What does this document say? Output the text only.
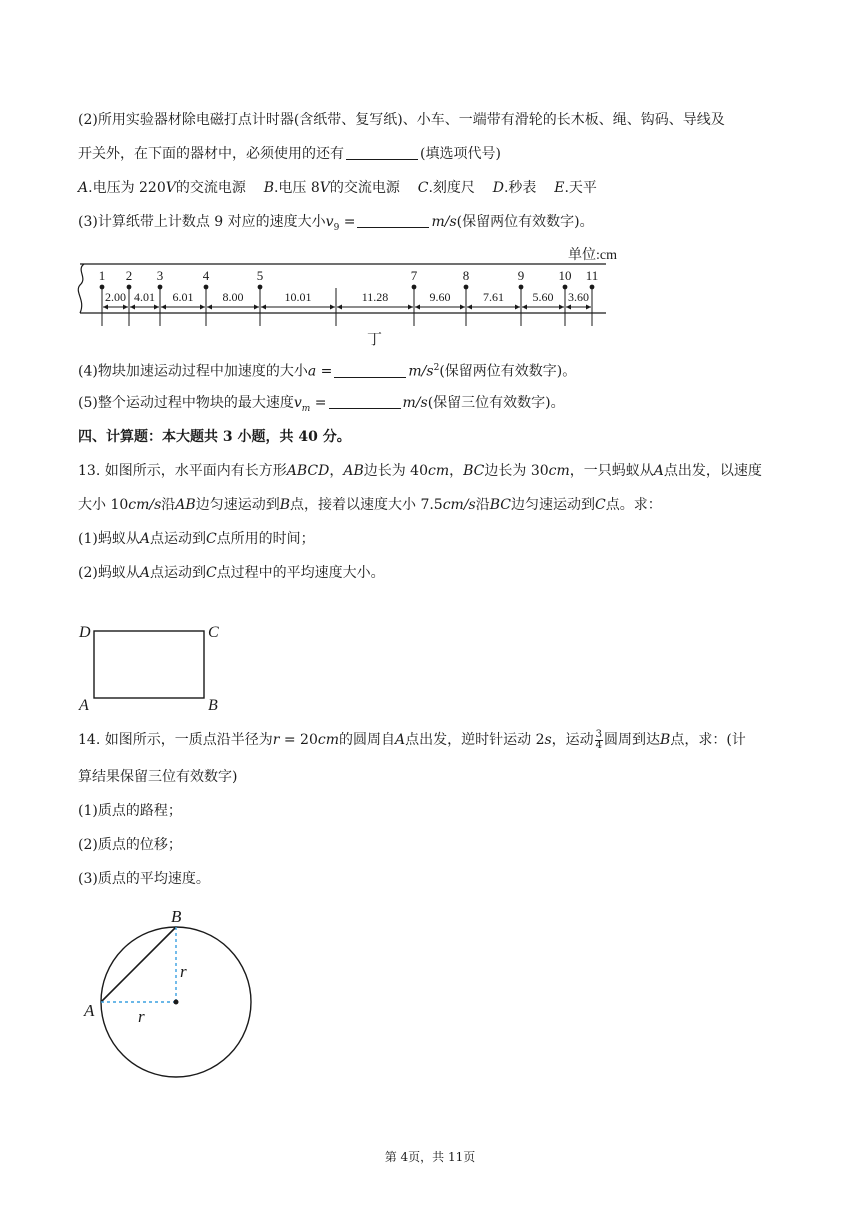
(2)所用实验器材除电磁打点计时器(含纸带、复写纸)、小车、一端带有滑轮的长木板、绳、钩码、导线及
开关外，在下面的器材中，必须使用的还有	(填选项代号)
A.电压为 220V的交流电源 B.电压 8V的交流电源 C.刻度尺 D.秒表 E.天平
(3)计算纸带上计数点 9 对应的速度大小$v_9$ =	m/s(保留两位有效数字)。
单位:cm
1 2 3	4	5	7	8	9	10 11
2.00 4.01 6.01 8.00	10.01	11.28	9.60	7.61 5.60 3.60
丁
(4)物块加速运动过程中加速度的大小a =	$m/s^2$(保留两位有效数字)。
(5)整个运动过程中物块的最大速度$v_m$ =	m/s(保留三位有效数字)。
四、计算题：本大题共 3 小题，共 40 分。
13. 如图所示，水平面内有长方形ABCD，AB边长为 40cm，BC边长为 30cm，一只蚂蚁从A点出发，以速度
大小 10cm/s沿AB边匀速运动到B点，接着以速度大小 7.5cm/s沿BC边匀速运动到C点。求：
(1)蚂蚁从A点运动到C点所用的时间；
(2)蚂蚁从A点运动到C点过程中的平均速度大小。
D	C
A	B
14. 如图所示，一质点沿半径为r = 20cm的圆周自A点出发，逆时针运动 2s，运动 $\frac{3}{4}$ 圆周到达B点，求：(计
算结果保留三位有效数字)
(1)质点的路程；
(2)质点的位移；
(3)质点的平均速度。
B
A
r
r
第 4页，共 11页
